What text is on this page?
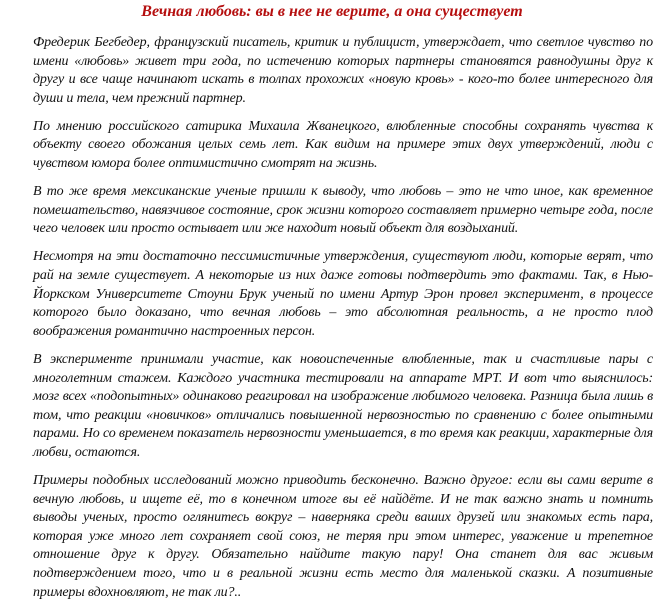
Вечная любовь: вы в нее не верите, а она существует

Фредерик Бегбедер, французский писатель, критик и публицист, утверждает, что светлое чувство по имени «любовь» живет три года, по истечению которых партнеры становятся равнодушны друг к другу и все чаще начинают искать в толпах прохожих «новую кровь» - кого-то более интересного для души и тела, чем прежний партнер.

По мнению российского сатирика Михаила Жванецкого, влюбленные способны сохранять чувства к объекту своего обожания целых семь лет. Как видим на примере этих двух утверждений, люди с чувством юмора более оптимистично смотрят на жизнь.

В то же время мексиканские ученые пришли к выводу, что любовь – это не что иное, как временное помешательство, навязчивое состояние, срок жизни которого составляет примерно четыре года, после чего человек или просто остывает или же находит новый объект для воздыханий.

Несмотря на эти достаточно пессимистичные утверждения, существуют люди, которые верят, что рай на земле существует. А некоторые из них даже готовы подтвердить это фактами. Так, в Нью-Йоркском Университете Стоуни Брук ученый по имени Артур Эрон провел эксперимент, в процессе которого было доказано, что вечная любовь – это абсолютная реальность, а не просто плод воображения романтично настроенных персон.

В эксперименте принимали участие, как новоиспеченные влюбленные, так и счастливые пары с многолетним стажем. Каждого участника тестировали на аппарате МРТ. И вот что выяснилось: мозг всех «подопытных» одинаково реагировал на изображение любимого человека. Разница была лишь в том, что реакции «новичков» отличались повышенной нервозностью по сравнению с более опытными парами. Но со временем показатель нервозности уменьшается, в то время как реакции, характерные для любви, остаются.

Примеры подобных исследований можно приводить бесконечно. Важно другое: если вы сами верите в вечную любовь, и ищете её, то в конечном итоге вы её найдёте. И не так важно знать и помнить выводы ученых, просто оглянитесь вокруг – наверняка среди ваших друзей или знакомых есть пара, которая уже много лет сохраняет свой союз, не теряя при этом интерес, уважение и трепетное отношение друг к другу. Обязательно найдите такую пару! Она станет для вас живым подтверждением того, что и в реальной жизни есть место для маленькой сказки. А позитивные примеры вдохновляют, не так ли?..
